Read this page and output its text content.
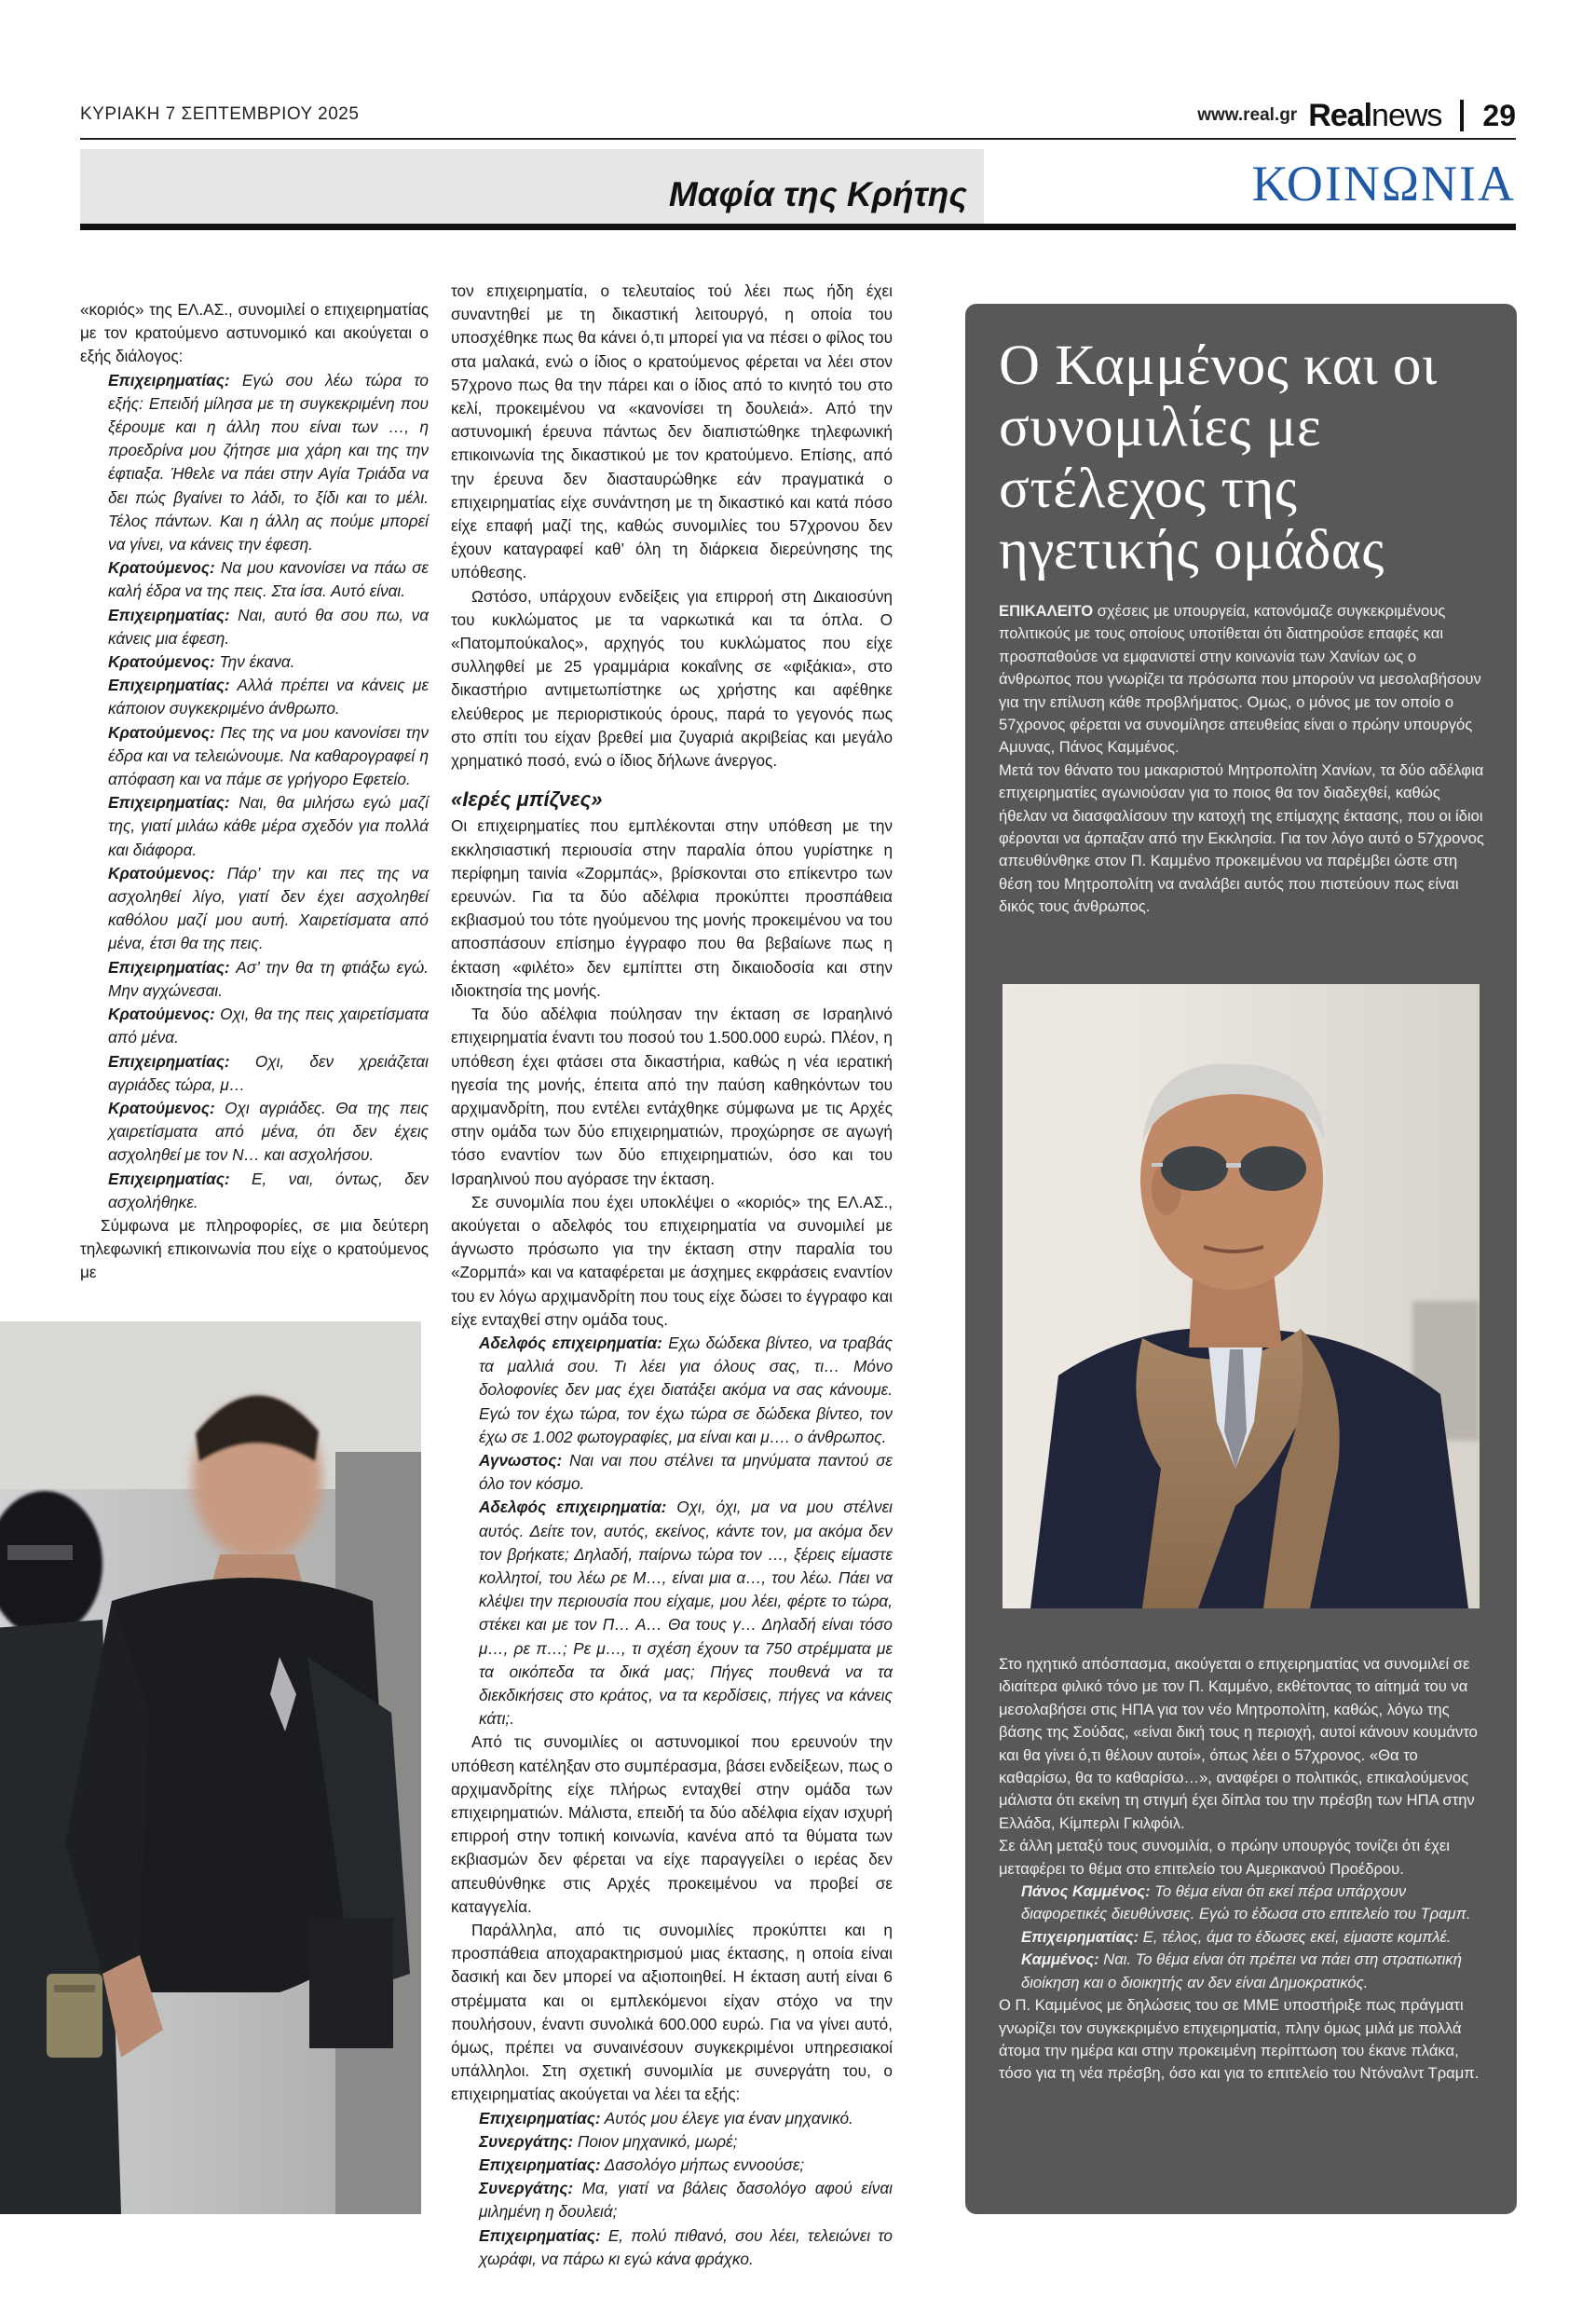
ΚΥΡΙΑΚΗ 7 ΣΕΠΤΕΜΒΡΙΟΥ 2025	www.real.gr Realnews 29
Μαφία της Κρήτης	ΚΟΙΝΩΝΙΑ

«κοριός» της ΕΛ.ΑΣ., συνομιλεί ο επιχειρηματίας με τον κρατούμενο αστυνομικό και ακούγεται ο εξής διάλογος:

Επιχειρηματίας: Εγώ σου λέω τώρα το εξής: Επειδή μίλησα με τη συγκεκριμένη που ξέρουμε και η άλλη που είναι των …, η προεδρίνα μου ζήτησε μια χάρη και της την έφτιαξα. Ήθελε να πάει στην Αγία Τριάδα να δει πώς βγαίνει το λάδι, το ξίδι και το μέλι. Τέλος πάντων. Και η άλλη ας πούμε μπορεί να γίνει, να κάνεις την έφεση.

Κρατούμενος: Να μου κανονίσει να πάω σε καλή έδρα να της πεις. Στα ίσα. Αυτό είναι.

Επιχειρηματίας: Ναι, αυτό θα σου πω, να κάνεις μια έφεση.

Κρατούμενος: Την έκανα.

Επιχειρηματίας: Αλλά πρέπει να κάνεις με κάποιον συγκεκριμένο άνθρωπο.

Κρατούμενος: Πες της να μου κανονίσει την έδρα και να τελειώνουμε. Να καθαρογραφεί η απόφαση και να πάμε σε γρήγορο Εφετείο.

Επιχειρηματίας: Ναι, θα μιλήσω εγώ μαζί της, γιατί μιλάω κάθε μέρα σχεδόν για πολλά και διάφορα.

Κρατούμενος: Πάρ’ την και πες της να ασχοληθεί λίγο, γιατί δεν έχει ασχοληθεί καθόλου μαζί μου αυτή. Χαιρετίσματα από μένα, έτσι θα της πεις.

Επιχειρηματίας: Ασ’ την θα τη φτιάξω εγώ. Μην αγχώνεσαι.

Κρατούμενος: Οχι, θα της πεις χαιρετίσματα από μένα.

Επιχειρηματίας: Οχι, δεν χρειάζεται αγριάδες τώρα, μ…

Κρατούμενος: Οχι αγριάδες. Θα της πεις χαιρετίσματα από μένα, ότι δεν έχεις ασχοληθεί με τον Ν… και ασχολήσου.

Επιχειρηματίας: Ε, ναι, όντως, δεν ασχολήθηκε.

Σύμφωνα με πληροφορίες, σε μια δεύτερη τηλεφωνική επικοινωνία που είχε ο κρατούμενος με

τον επιχειρηματία, ο τελευταίος τού λέει πως ήδη έχει συναντηθεί με τη δικαστική λειτουργό, η οποία του υποσχέθηκε πως θα κάνει ό,τι μπορεί για να πέσει ο φίλος του στα μαλακά, ενώ ο ίδιος ο κρατούμενος φέρεται να λέει στον 57χρονο πως θα την πάρει και ο ίδιος από το κινητό του στο κελί, προκειμένου να «κανονίσει τη δουλειά». Από την αστυνομική έρευνα πάντως δεν διαπιστώθηκε τηλεφωνική επικοινωνία της δικαστικού με τον κρατούμενο. Επίσης, από την έρευνα δεν διασταυρώθηκε εάν πραγματικά ο επιχειρηματίας είχε συνάντηση με τη δικαστικό και κατά πόσο είχε επαφή μαζί της, καθώς συνομιλίες του 57χρονου δεν έχουν καταγραφεί καθ’ όλη τη διάρκεια διερεύνησης της υπόθεσης.

Ωστόσο, υπάρχουν ενδείξεις για επιρροή στη Δικαιοσύνη του κυκλώματος με τα ναρκωτικά και τα όπλα. Ο «Πατομπούκαλος», αρχηγός του κυκλώματος που είχε συλληφθεί με 25 γραμμάρια κοκαΐνης σε «φιξάκια», στο δικαστήριο αντιμετωπίστηκε ως χρήστης και αφέθηκε ελεύθερος με περιοριστικούς όρους, παρά το γεγονός πως στο σπίτι του είχαν βρεθεί μια ζυγαριά ακριβείας και μεγάλο χρηματικό ποσό, ενώ ο ίδιος δήλωνε άνεργος.

«Ιερές μπίζνες»

Οι επιχειρηματίες που εμπλέκονται στην υπόθεση με την εκκλησιαστική περιουσία στην παραλία όπου γυρίστηκε η περίφημη ταινία «Ζορμπάς», βρίσκονται στο επίκεντρο των ερευνών. Για τα δύο αδέλφια προκύπτει προσπάθεια εκβιασμού του τότε ηγούμενου της μονής προκειμένου να του αποσπάσουν επίσημο έγγραφο που θα βεβαίωνε πως η έκταση «φιλέτο» δεν εμπίπτει στη δικαιοδοσία και στην ιδιοκτησία της μονής.

Τα δύο αδέλφια πούλησαν την έκταση σε Ισραηλινό επιχειρηματία έναντι του ποσού του 1.500.000 ευρώ. Πλέον, η υπόθεση έχει φτάσει στα δικαστήρια, καθώς η νέα ιερατική ηγεσία της μονής, έπειτα από την παύση καθηκόντων του αρχιμανδρίτη, που εντέλει εντάχθηκε σύμφωνα με τις Αρχές στην ομάδα των δύο επιχειρηματιών, προχώρησε σε αγωγή τόσο εναντίον των δύο επιχειρηματιών, όσο και του Ισραηλινού που αγόρασε την έκταση.

Σε συνομιλία που έχει υποκλέψει ο «κοριός» της ΕΛ.ΑΣ., ακούγεται ο αδελφός του επιχειρηματία να συνομιλεί με άγνωστο πρόσωπο για την έκταση στην παραλία του «Ζορμπά» και να καταφέρεται με άσχημες εκφράσεις εναντίον του εν λόγω αρχιμανδρίτη που τους είχε δώσει το έγγραφο και είχε ενταχθεί στην ομάδα τους.

Αδελφός επιχειρηματία: Εχω δώδεκα βίντεο, να τραβάς τα μαλλιά σου. Τι λέει για όλους σας, τι… Μόνο δολοφονίες δεν μας έχει διατάξει ακόμα να σας κάνουμε. Εγώ τον έχω τώρα, τον έχω τώρα σε δώδεκα βίντεο, τον έχω σε 1.002 φωτογραφίες, μα είναι και μ…. ο άνθρωπος.

Αγνωστος: Ναι ναι που στέλνει τα μηνύματα παντού σε όλο τον κόσμο.

Αδελφός επιχειρηματία: Οχι, όχι, μα να μου στέλνει αυτός. Δείτε τον, αυτός, εκείνος, κάντε τον, μα ακόμα δεν τον βρήκατε; Δηλαδή, παίρνω τώρα τον …, ξέρεις είμαστε κολλητοί, του λέω ρε Μ…, είναι μια α…, του λέω. Πάει να κλέψει την περιουσία που είχαμε, μου λέει, φέρτε το τώρα, στέκει και με τον Π… Α… Θα τους γ… Δηλαδή είναι τόσο μ…, ρε π…; Ρε μ…, τι σχέση έχουν τα 750 στρέμματα με τα οικόπεδα τα δικά μας; Πήγες πουθενά να τα διεκδικήσεις στο κράτος, να τα κερδίσεις, πήγες να κάνεις κάτι;.

Από τις συνομιλίες οι αστυνομικοί που ερευνούν την υπόθεση κατέληξαν στο συμπέρασμα, βάσει ενδείξεων, πως ο αρχιμανδρίτης είχε πλήρως ενταχθεί στην ομάδα των επιχειρηματιών. Μάλιστα, επειδή τα δύο αδέλφια είχαν ισχυρή επιρροή στην τοπική κοινωνία, κανένα από τα θύματα των εκβιασμών δεν φέρεται να είχε παραγγείλει ο ιερέας δεν απευθύνθηκε στις Αρχές προκειμένου να προβεί σε καταγγελία.

Παράλληλα, από τις συνομιλίες προκύπτει και η προσπάθεια αποχαρακτηρισμού μιας έκτασης, η οποία είναι δασική και δεν μπορεί να αξιοποιηθεί. Η έκταση αυτή είναι 6 στρέμματα και οι εμπλεκόμενοι είχαν στόχο να την πουλήσουν, έναντι συνολικά 600.000 ευρώ. Για να γίνει αυτό, όμως, πρέπει να συναινέσουν συγκεκριμένοι υπηρεσιακοί υπάλληλοι. Στη σχετική συνομιλία με συνεργάτη του, ο επιχειρηματίας ακούγεται να λέει τα εξής:

Επιχειρηματίας: Αυτός μου έλεγε για έναν μηχανικό.

Συνεργάτης: Ποιον μηχανικό, μωρέ;

Επιχειρηματίας: Δασολόγο μήπως εννοούσε;

Συνεργάτης: Μα, γιατί να βάλεις δασολόγο αφού είναι μιλημένη η δουλειά;

Επιχειρηματίας: Ε, πολύ πιθανό, σου λέει, τελειώνει το χωράφι, να πάρω κι εγώ κάνα φράχκο.

Ο Καμμένος και οι συνομιλίες με στέλεχος της ηγετικής ομάδας

ΕΠΙΚΑΛΕΙΤΟ σχέσεις με υπουργεία, κατονόμαζε συγκεκριμένους πολιτικούς με τους οποίους υποτίθεται ότι διατηρούσε επαφές και προσπαθούσε να εμφανιστεί στην κοινωνία των Χανίων ως ο άνθρωπος που γνωρίζει τα πρόσωπα που μπορούν να μεσολαβήσουν για την επίλυση κάθε προβλήματος. Ομως, ο μόνος με τον οποίο ο 57χρονος φέρεται να συνομίλησε απευθείας είναι ο πρώην υπουργός Αμυνας, Πάνος Καμμένος.

Μετά τον θάνατο του μακαριστού Μητροπολίτη Χανίων, τα δύο αδέλφια επιχειρηματίες αγωνιούσαν για το ποιος θα τον διαδεχθεί, καθώς ήθελαν να διασφαλίσουν την κατοχή της επίμαχης έκτασης, που οι ίδιοι φέρονται να άρπαξαν από την Εκκλησία. Για τον λόγο αυτό ο 57χρονος απευθύνθηκε στον Π. Καμμένο προκειμένου να παρέμβει ώστε στη θέση του Μητροπολίτη να αναλάβει αυτός που πιστεύουν πως είναι δικός τους άνθρωπος.

Στο ηχητικό απόσπασμα, ακούγεται ο επιχειρηματίας να συνομιλεί σε ιδιαίτερα φιλικό τόνο με τον Π. Καμμένο, εκθέτοντας το αίτημά του να μεσολαβήσει στις ΗΠΑ για τον νέο Μητροπολίτη, καθώς, λόγω της βάσης της Σούδας, «είναι δική τους η περιοχή, αυτοί κάνουν κουμάντο και θα γίνει ό,τι θέλουν αυτοί», όπως λέει ο 57χρονος. «Θα το καθαρίσω, θα το καθαρίσω…», αναφέρει ο πολιτικός, επικαλούμενος μάλιστα ότι εκείνη τη στιγμή έχει δίπλα του την πρέσβη των ΗΠΑ στην Ελλάδα, Κίμπερλι Γκιλφόιλ.

Σε άλλη μεταξύ τους συνομιλία, ο πρώην υπουργός τονίζει ότι έχει μεταφέρει το θέμα στο επιτελείο του Αμερικανού Προέδρου.

Πάνος Καμμένος: Το θέμα είναι ότι εκεί πέρα υπάρχουν διαφορετικές διευθύνσεις. Εγώ το έδωσα στο επιτελείο του Τραμπ.

Επιχειρηματίας: Ε, τέλος, άμα το έδωσες εκεί, είμαστε κομπλέ.

Καμμένος: Ναι. Το θέμα είναι ότι πρέπει να πάει στη στρατιωτική διοίκηση και ο διοικητής αν δεν είναι Δημοκρατικός.

Ο Π. Καμμένος με δηλώσεις του σε ΜΜΕ υποστήριξε πως πράγματι γνωρίζει τον συγκεκριμένο επιχειρηματία, πλην όμως μιλά με πολλά άτομα την ημέρα και στην προκειμένη περίπτωση του έκανε πλάκα, τόσο για τη νέα πρέσβη, όσο και για το επιτελείο του Ντόναλντ Τραμπ.
